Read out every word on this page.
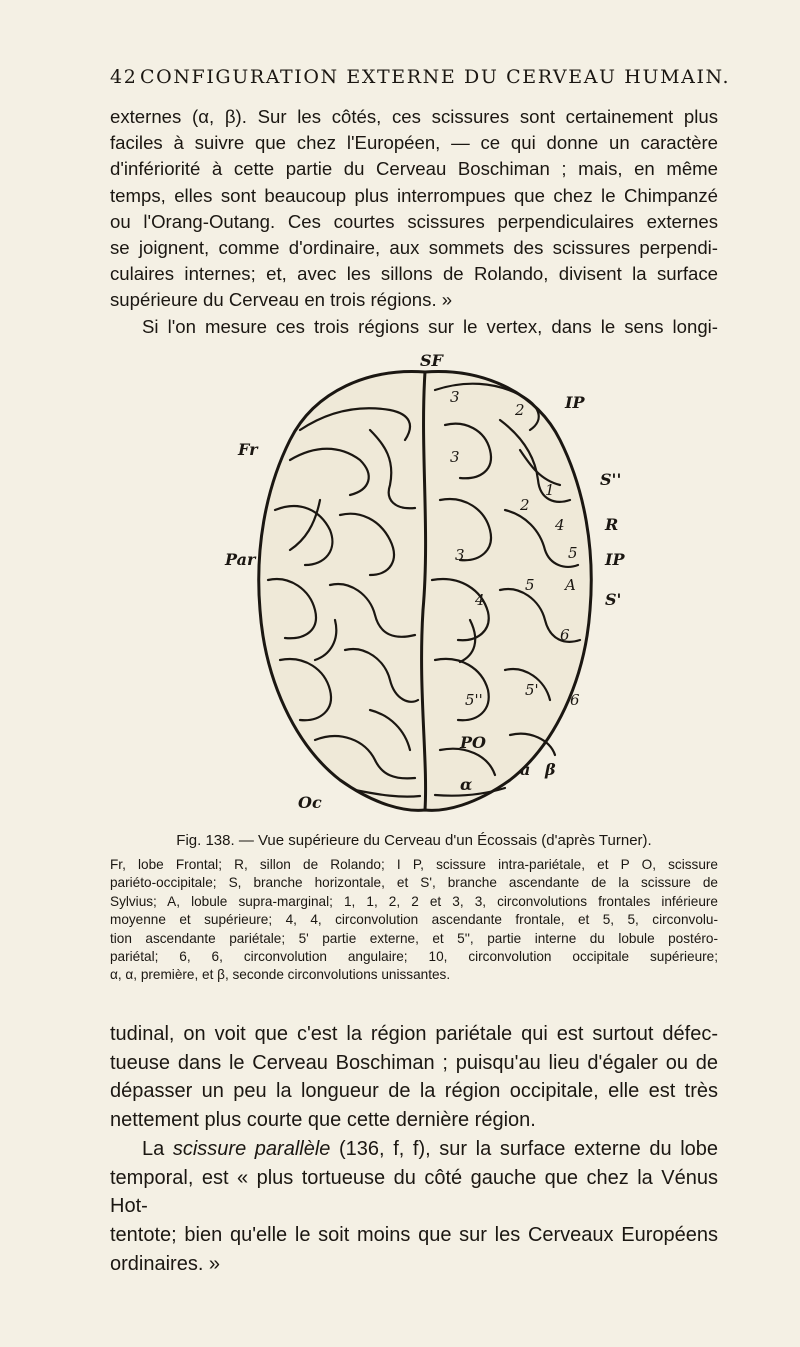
42 CONFIGURATION EXTERNE DU CERVEAU HUMAIN.

externes (α, β). Sur les côtés, ces scissures sont certainement plus

faciles à suivre que chez l'Européen, — ce qui donne un caractère

d'infériorité à cette partie du Cerveau Boschiman ; mais, en même

temps, elles sont beaucoup plus interrompues que chez le Chimpanzé

ou l'Orang-Outang. Ces courtes scissures perpendiculaires externes

se joignent, comme d'ordinaire, aux sommets des scissures perpendi-

culaires internes; et, avec les sillons de Rolando, divisent la surface

supérieure du Cerveau en trois régions. »

Si l'on mesure ces trois régions sur le vertex, dans le sens longi-

SF
IP
Fr
Par
S''
R
IP
S'
Oc
PO
a β
α
3
3
3
2
2
1
4
4
5
5
5'
5''
6
6
A
Fig. 138. — Vue supérieure du Cerveau d'un Écossais (d'après Turner).

Fr, lobe Frontal; R, sillon de Rolando; I P, scissure intra-pariétale, et P O, scissure

pariéto-occipitale; S, branche horizontale, et S', branche ascendante de la scissure de

Sylvius; A, lobule supra-marginal; 1, 1, 2, 2 et 3, 3, circonvolutions frontales inférieure

moyenne et supérieure; 4, 4, circonvolution ascendante frontale, et 5, 5, circonvolu-

tion ascendante pariétale; 5' partie externe, et 5'', partie interne du lobule postéro-

pariétal; 6, 6, circonvolution angulaire; 10, circonvolution occipitale supérieure;

α, α, première, et β, seconde circonvolutions unissantes.

tudinal, on voit que c'est la région pariétale qui est surtout défec-

tueuse dans le Cerveau Boschiman ; puisqu'au lieu d'égaler ou de

dépasser un peu la longueur de la région occipitale, elle est très

nettement plus courte que cette dernière région.

La scissure parallèle (136, f, f), sur la surface externe du lobe

temporal, est « plus tortueuse du côté gauche que chez la Vénus Hot-

tentote; bien qu'elle le soit moins que sur les Cerveaux Européens

ordinaires. »
